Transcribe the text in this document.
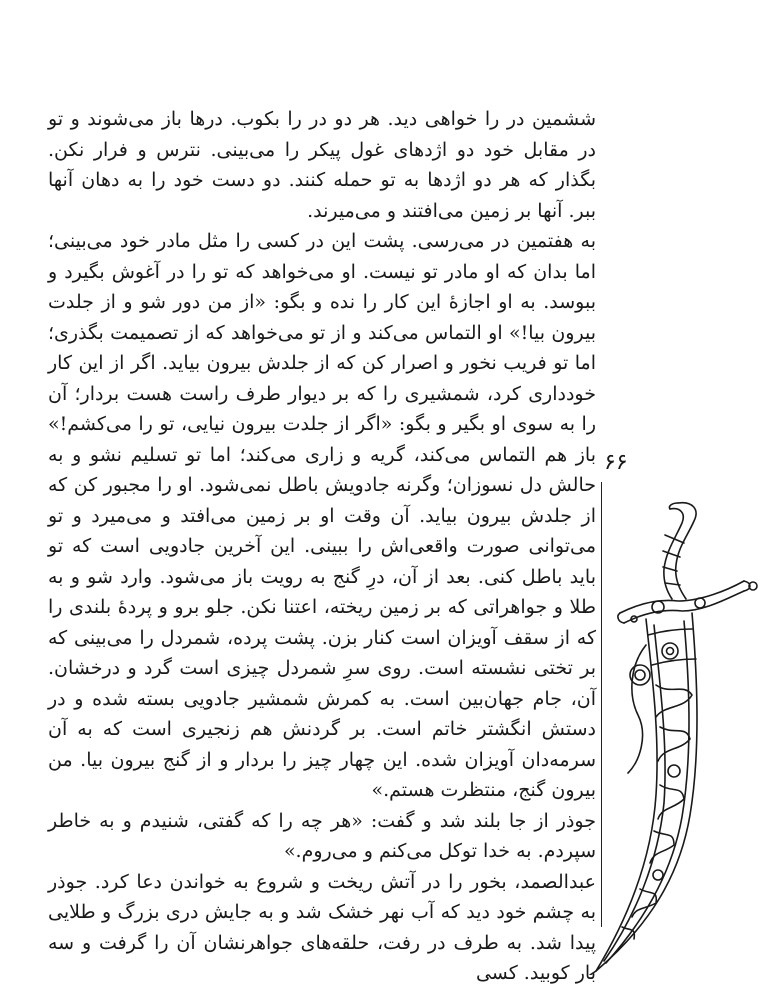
ششمین در را خواهی دید. هر دو در را بکوب. درها باز می‌شوند و تو در مقابل خود دو اژدهای غول پیکر را می‌بینی. نترس و فرار نکن. بگذار که هر دو اژدها به تو حمله کنند. دو دست خود را به دهان آنها ببر. آنها بر زمین می‌افتند و می‌میرند.

به هفتمین در می‌رسی. پشت این در کسی را مثل مادر خود می‌بینی؛ اما بدان که او مادر تو نیست. او می‌خواهد که تو را در آغوش بگیرد و ببوسد. به او اجازهٔ این کار را نده و بگو: «از من دور شو و از جلدت بیرون بیا!» او التماس می‌کند و از تو می‌خواهد که از تصمیمت بگذری؛ اما تو فریب نخور و اصرار کن که از جلدش بیرون بیاید. اگر از این کار خودداری کرد، شمشیری را که بر دیوار طرف راست هست بردار؛ آن را به سوی او بگیر و بگو: «اگر از جلدت بیرون نیایی، تو را می‌کشم!» باز هم التماس می‌کند، گریه و زاری می‌کند؛ اما تو تسلیم نشو و به حالش دل نسوزان؛ وگرنه جادویش باطل نمی‌شود. او را مجبور کن که از جلدش بیرون بیاید. آن وقت او بر زمین می‌افتد و می‌میرد و تو می‌توانی صورت واقعی‌اش را ببینی. این آخرین جادویی است که تو باید باطل کنی. بعد از آن، درِ گنج به رویت باز می‌شود. وارد شو و به طلا و جواهراتی که بر زمین ریخته، اعتنا نکن. جلو برو و پردهٔ بلندی را که از سقف آویزان است کنار بزن. پشت پرده، شمردل را می‌بینی که بر تختی نشسته است. روی سرِ شمردل چیزی است گرد و درخشان. آن، جام جهان‌بین است. به کمرش شمشیر جادویی بسته شده و در دستش انگشتر خاتم است. بر گردنش هم زنجیری است که به آن سرمه‌دان آویزان شده. این چهار چیز را بردار و از گنج بیرون بیا. من بیرون گنج، منتظرت هستم.»

جوذر از جا بلند شد و گفت: «هر چه را که گفتی، شنیدم و به خاطر سپردم. به خدا توکل می‌کنم و می‌روم.»

عبدالصمد، بخور را در آتش ریخت و شروع به خواندن دعا کرد. جوذر به چشم خود دید که آب نهر خشک شد و به جایش دری بزرگ و طلایی پیدا شد. به طرف در رفت، حلقه‌های جواهرنشان آن را گرفت و سه بار کوبید. کسی

۶۶
